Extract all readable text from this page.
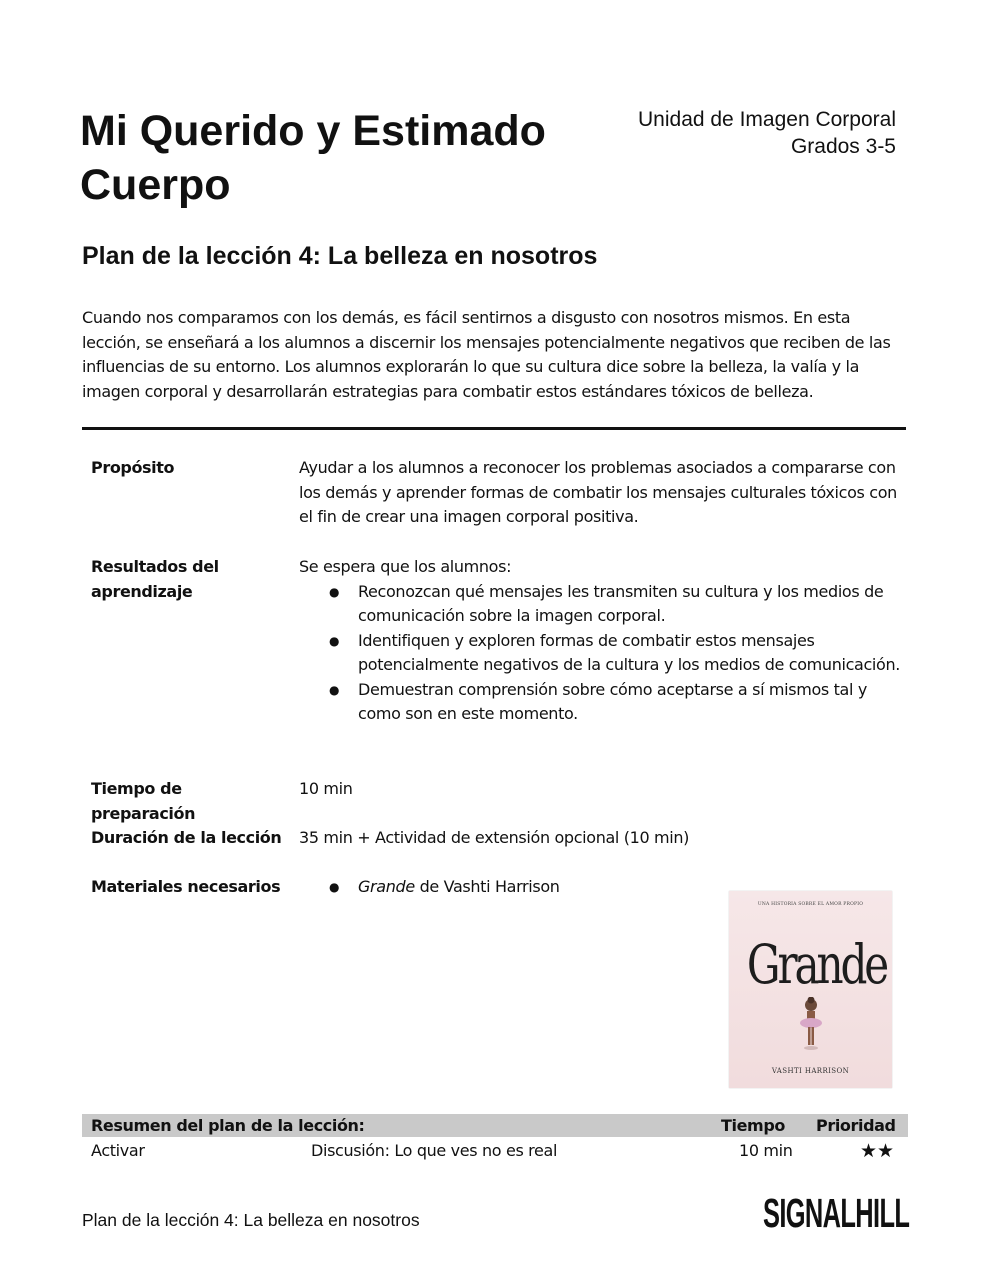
Mi Querido y Estimado Cuerpo
Unidad de Imagen Corporal
Grados 3-5
Plan de la lección 4: La belleza en nosotros

Cuando nos comparamos con los demás, es fácil sentirnos a disgusto con nosotros mismos. En esta lección, se enseñará a los alumnos a discernir los mensajes potencialmente negativos que reciben de las influencias de su entorno. Los alumnos explorarán lo que su cultura dice sobre la belleza, la valía y la imagen corporal y desarrollarán estrategias para combatir estos estándares tóxicos de belleza.

Propósito	Ayudar a los alumnos a reconocer los problemas asociados a compararse con los demás y aprender formas de combatir los mensajes culturales tóxicos con el fin de crear una imagen corporal positiva.
Resultados del aprendizaje
Se espera que los alumnos:
● Reconozcan qué mensajes les transmiten su cultura y los medios de comunicación sobre la imagen corporal.
● Identifiquen y exploren formas de combatir estos mensajes potencialmente negativos de la cultura y los medios de comunicación.
● Demuestran comprensión sobre cómo aceptarse a sí mismos tal y como son en este momento.
Tiempo de preparación
10 min
Duración de la lección	35 min + Actividad de extensión opcional (10 min)
Materiales necesarios
●	Grande de Vashti Harrison
UNA HISTORIA SOBRE EL AMOR PROPIO
Grande
VASHTI HARRISON
Resumen del plan de la lección:	Tiempo Prioridad
Activar	Discusión: Lo que ves no es real	10 min	★★
Plan de la lección 4: La belleza en nosotros	SIGNALHILL
